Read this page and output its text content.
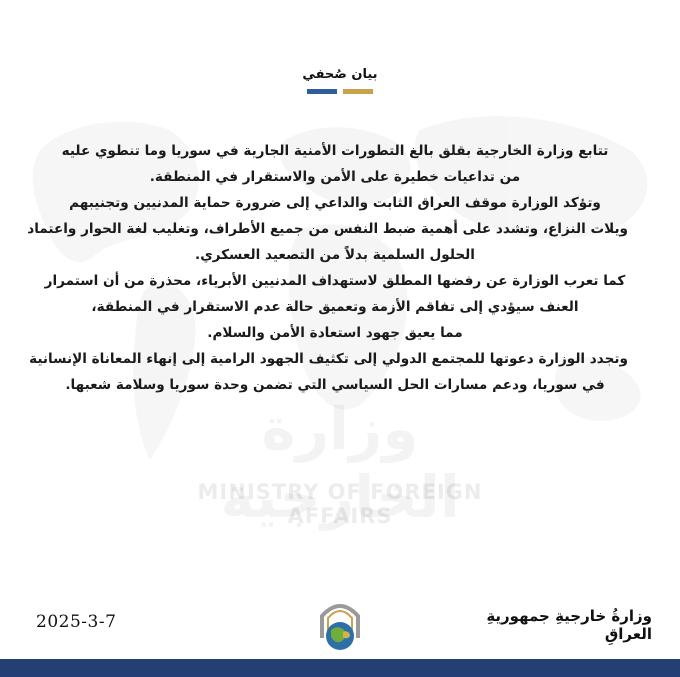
MINISTRY OF FOREIGN AFFAIRS
بيان صُحفي
تتابع وزارة الخارجية بقلق بالغ التطورات الأمنية الجارية في سوريا وما تنطوي عليه
من تداعيات خطيرة على الأمن والاستقرار في المنطقة.
وتؤكد الوزارة موقف العراق الثابت والداعي إلى ضرورة حماية المدنيين وتجنيبهم
ويلات النزاع، وتشدد على أهمية ضبط النفس من جميع الأطراف، وتغليب لغة الحوار واعتماد
الحلول السلمية بدلاً من التصعيد العسكري.
كما تعرب الوزارة عن رفضها المطلق لاستهداف المدنيين الأبرياء، محذرة من أن استمرار
العنف سيؤدي إلى تفاقم الأزمة وتعميق حالة عدم الاستقرار في المنطقة،
مما يعيق جهود استعادة الأمن والسلام.
وتجدد الوزارة دعوتها للمجتمع الدولي إلى تكثيف الجهود الرامية إلى إنهاء المعاناة الإنسانية
في سوريا، ودعم مسارات الحل السياسي التي تضمن وحدة سوريا وسلامة شعبها.
2025-3-7	وزارةُ خارجيةِ جمهوريةِ العراقِ
